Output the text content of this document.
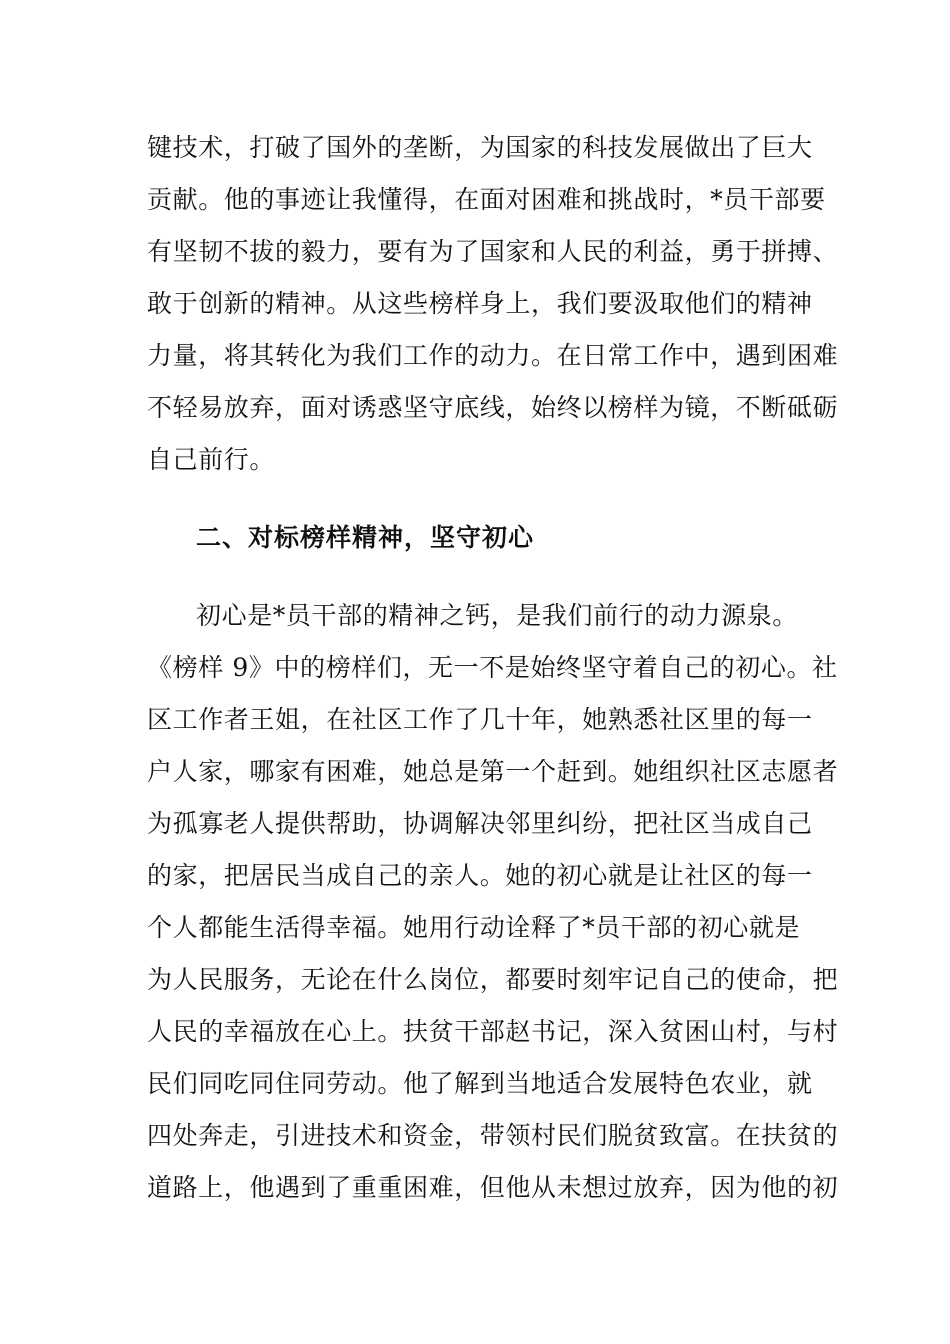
键技术，打破了国外的垄断，为国家的科技发展做出了巨大
贡献。他的事迹让我懂得，在面对困难和挑战时，*员干部要
有坚韧不拔的毅力，要有为了国家和人民的利益，勇于拼搏、
敢于创新的精神。从这些榜样身上，我们要汲取他们的精神
力量，将其转化为我们工作的动力。在日常工作中，遇到困难
不轻易放弃，面对诱惑坚守底线，始终以榜样为镜，不断砥砺
自己前行。
二、对标榜样精神，坚守初心
初心是*员干部的精神之钙，是我们前行的动力源泉。
《榜样 9》中的榜样们，无一不是始终坚守着自己的初心。社
区工作者王姐，在社区工作了几十年，她熟悉社区里的每一
户人家，哪家有困难，她总是第一个赶到。她组织社区志愿者
为孤寡老人提供帮助，协调解决邻里纠纷，把社区当成自己
的家，把居民当成自己的亲人。她的初心就是让社区的每一
个人都能生活得幸福。她用行动诠释了*员干部的初心就是
为人民服务，无论在什么岗位，都要时刻牢记自己的使命，把
人民的幸福放在心上。扶贫干部赵书记，深入贫困山村，与村
民们同吃同住同劳动。他了解到当地适合发展特色农业，就
四处奔走，引进技术和资金，带领村民们脱贫致富。在扶贫的
道路上，他遇到了重重困难，但他从未想过放弃，因为他的初
